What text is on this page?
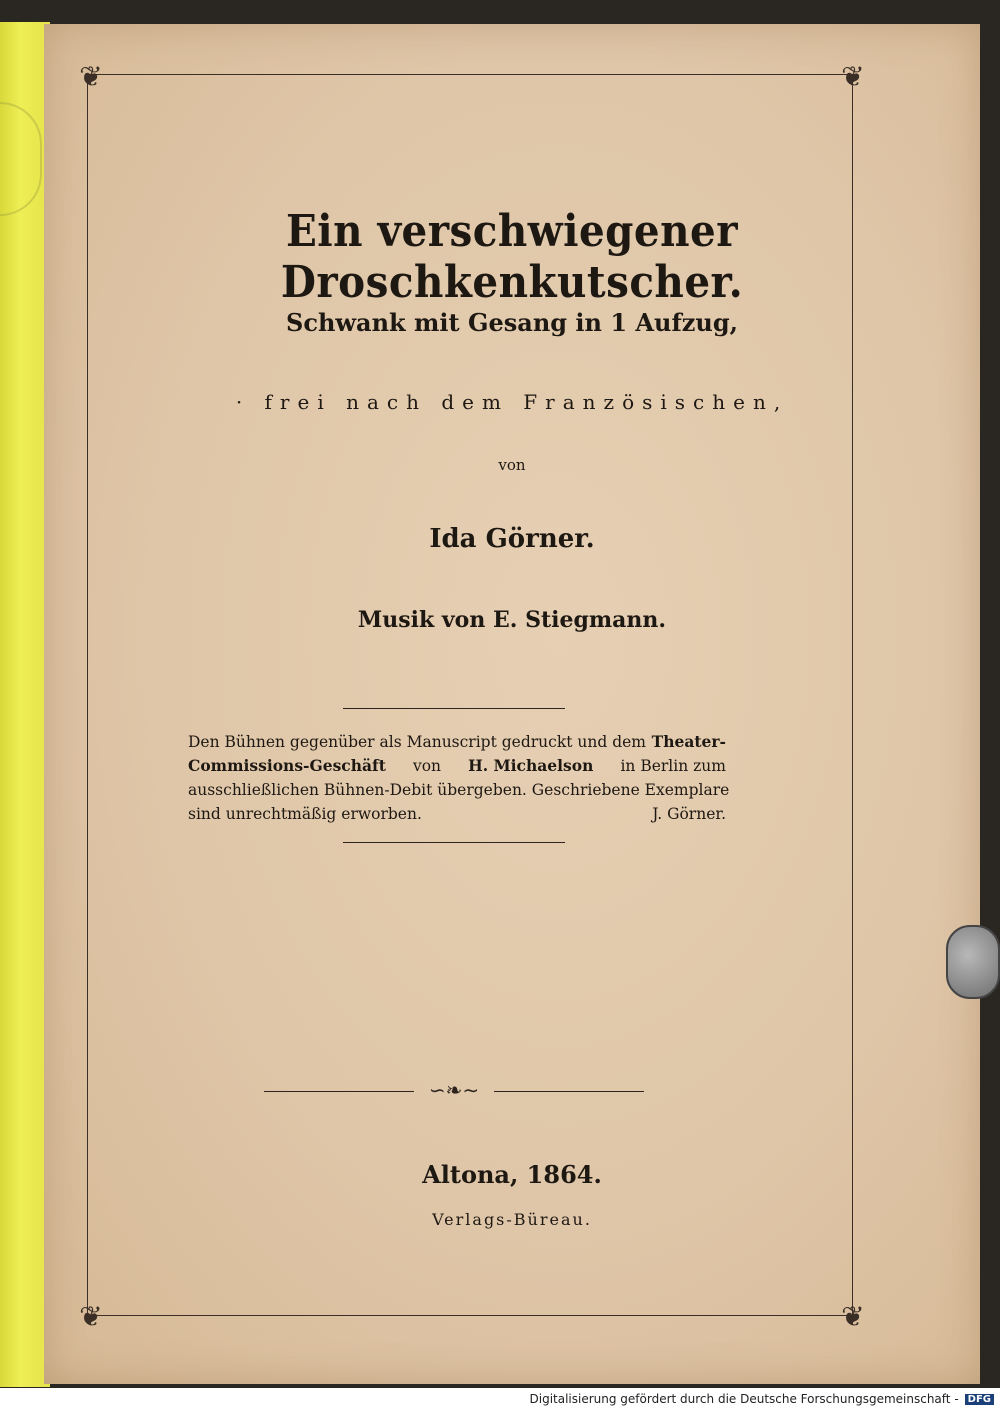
❦	❦
❦	❦
Ein verschwiegener Droschkenkutscher.
Schwank mit Gesang in 1 Aufzug,
· frei nach dem Französischen,
von
Ida Görner.
Musik von E. Stiegmann.
Den Bühnen gegenüber als Manuscript gedruckt und dem Theater-
Commissions-Geschäft von H. Michaelson in Berlin zum
ausschließlichen Bühnen-Debit übergeben. Geschriebene Exemplare
sind unrechtmäßig erworben.	J. Görner.
∽❧∼
Altona, 1864.
Verlags-Büreau.
Digitalisierung gefördert durch die Deutsche Forschungsgemeinschaft - DFG
